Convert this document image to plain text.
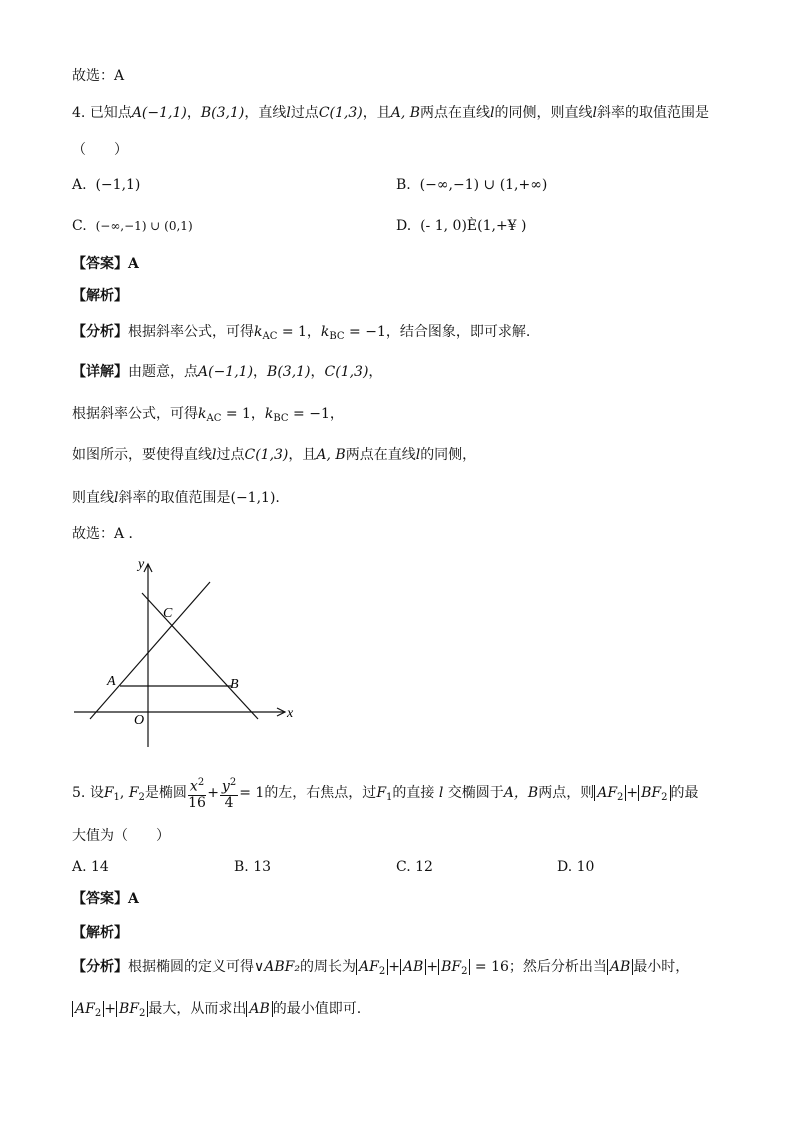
故选：A
4. 已知点A(−1,1)，B(3,1)，直线l过点C(1,3)，且A, B两点在直线l的同侧，则直线l斜率的取值范围是
（　　）
A. (−1,1)	B. (−∞,−1) ∪ (1,+∞)
C. (−∞,−1) ∪ (0,1)	D. (- 1, 0)È(1,+¥ )
【答案】A
【解析】
【分析】根据斜率公式，可得$k_{AC} = 1$，$k_{BC} = -1$，结合图象，即可求解.
【详解】由题意，点A(−1,1)，B(3,1)，C(1,3)，
根据斜率公式，可得$k_{AC} = 1$，$k_{BC} = -1$，
如图所示，要使得直线l过点C(1,3)，且A, B两点在直线l的同侧，
则直线l斜率的取值范围是(−1,1).
故选：A ．
y
x
O
A	B
C
5. 设$F_1$, $F_2$是椭圆 $\frac{x^2}{16} + \frac{y^2}{4} = 1$的左，右焦点，过$F_1$的直接 l 交椭圆于A，B两点，则 $AF_2 + BF_2$ 的最
大值为（　　）
A. 14	B. 13	C. 12	D. 10
【答案】A
【解析】
【分析】根据椭圆的定义可得∨ABF₂的周长为 $AF_2$ + AB + $BF_2 = 16$；然后分析出当 AB 最小时，
$AF_2 + BF_2$ 最大，从而求出 AB 的最小值即可.
